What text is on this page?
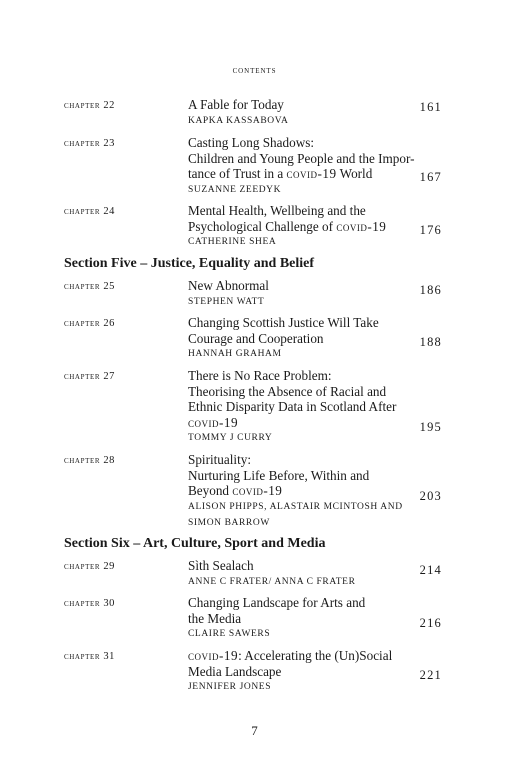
contents
chapter 22	A Fable for Today
KAPKA KASSABOVA
161
chapter 23	Casting Long Shadows:
Children and Young People and the Impor-
tance of Trust in a covid-19 World
SUZANNE ZEEDYK
167
chapter 24	Mental Health, Wellbeing and the
Psychological Challenge of covid-19
CATHERINE SHEA
176
Section Five – Justice, Equality and Belief
chapter 25	New Abnormal
STEPHEN WATT
186
chapter 26	Changing Scottish Justice Will Take
Courage and Cooperation
HANNAH GRAHAM
188
chapter 27	There is No Race Problem:
Theorising the Absence of Racial and
Ethnic Disparity Data in Scotland After
covid-19
TOMMY J CURRY
195
chapter 28	Spirituality:
Nurturing Life Before, Within and
Beyond covid-19
ALISON PHIPPS, ALASTAIR MCINTOSH AND
SIMON BARROW
203
Section Six – Art, Culture, Sport and Media
chapter 29	Sìth Sealach
ANNE C FRATER/ ANNA C FRATER
214
chapter 30	Changing Landscape for Arts and
the Media
CLAIRE SAWERS
216
chapter 31	covid-19: Accelerating the (Un)Social
Media Landscape
JENNIFER JONES
221
7
